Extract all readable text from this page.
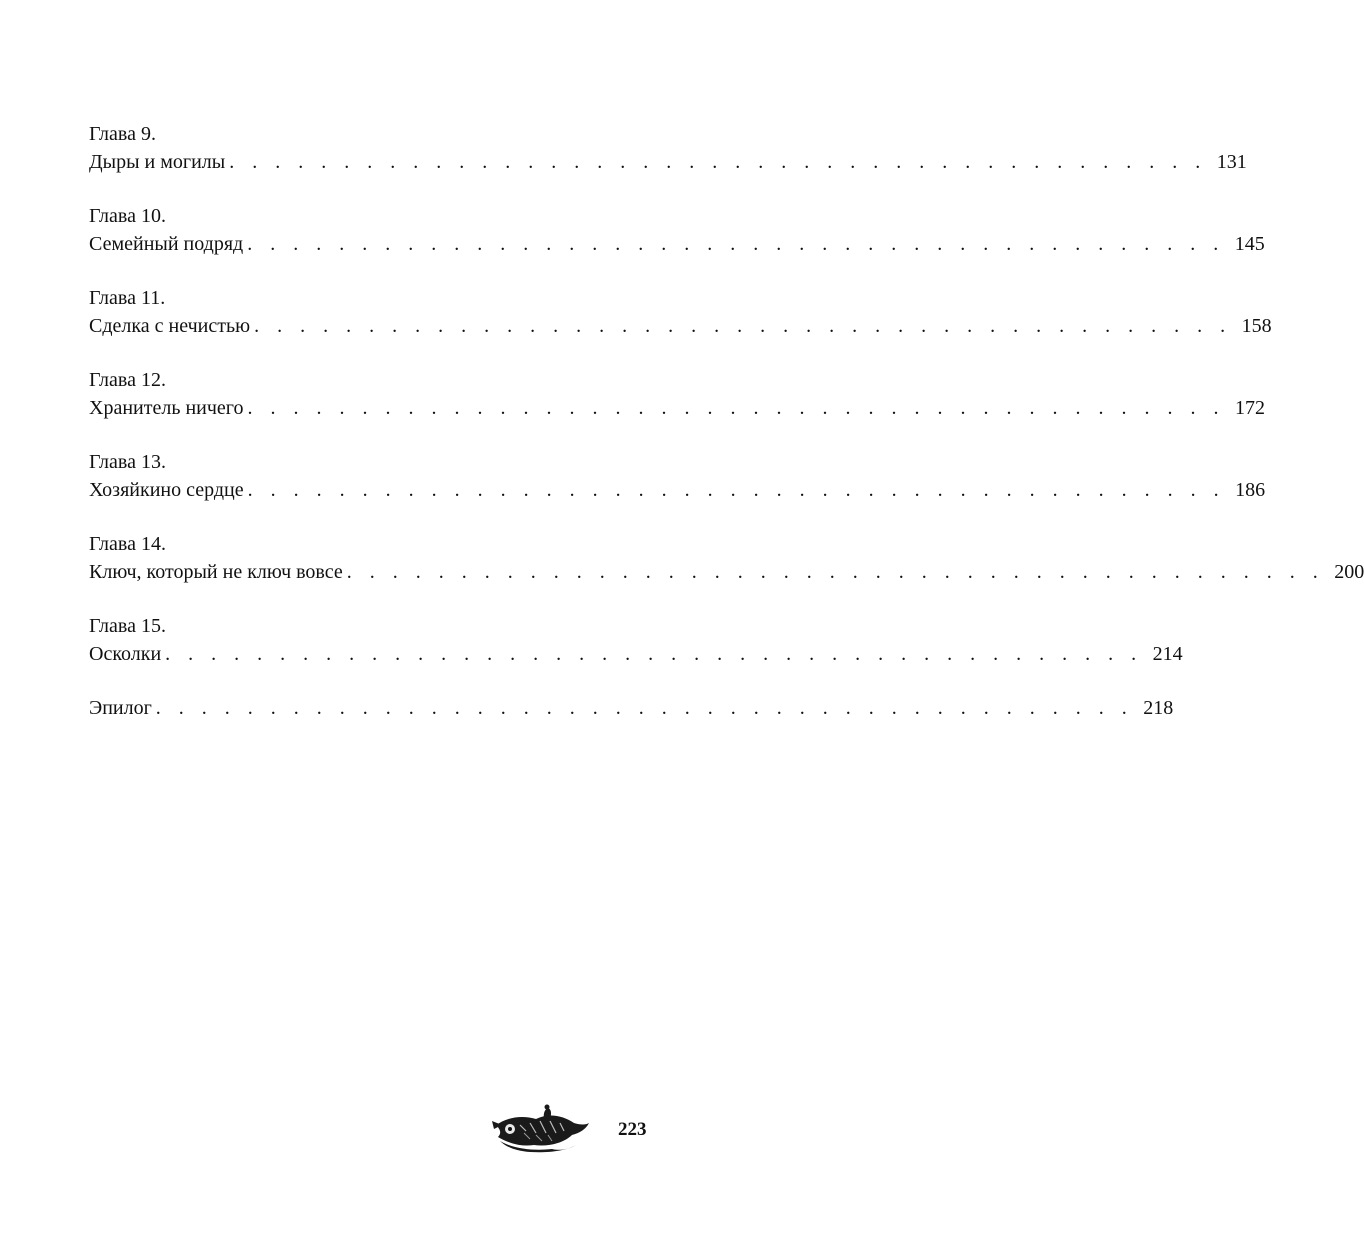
Глава 9.
Дыры и могилы . . . . . . . . . . . . . . . . . . . . . . . . . . . . . . . . . . . . . . . . . . . 131
Глава 10.
Семейный подряд . . . . . . . . . . . . . . . . . . . . . . . . . . . . . . . . . . . . . . . . . . . 145
Глава 11.
Сделка с нечистью . . . . . . . . . . . . . . . . . . . . . . . . . . . . . . . . . . . . . . . . . . . 158
Глава 12.
Хранитель ничего . . . . . . . . . . . . . . . . . . . . . . . . . . . . . . . . . . . . . . . . . . . 172
Глава 13.
Хозяйкино сердце . . . . . . . . . . . . . . . . . . . . . . . . . . . . . . . . . . . . . . . . . . . 186
Глава 14.
Ключ, который не ключ вовсе . . . . . . . . . . . . . . . . . . . . . . . . . . . . . . . . . . . . . . . . . . . 200
Глава 15.
Осколки . . . . . . . . . . . . . . . . . . . . . . . . . . . . . . . . . . . . . . . . . . . 214
Эпилог . . . . . . . . . . . . . . . . . . . . . . . . . . . . . . . . . . . . . . . . . . . 218
223
